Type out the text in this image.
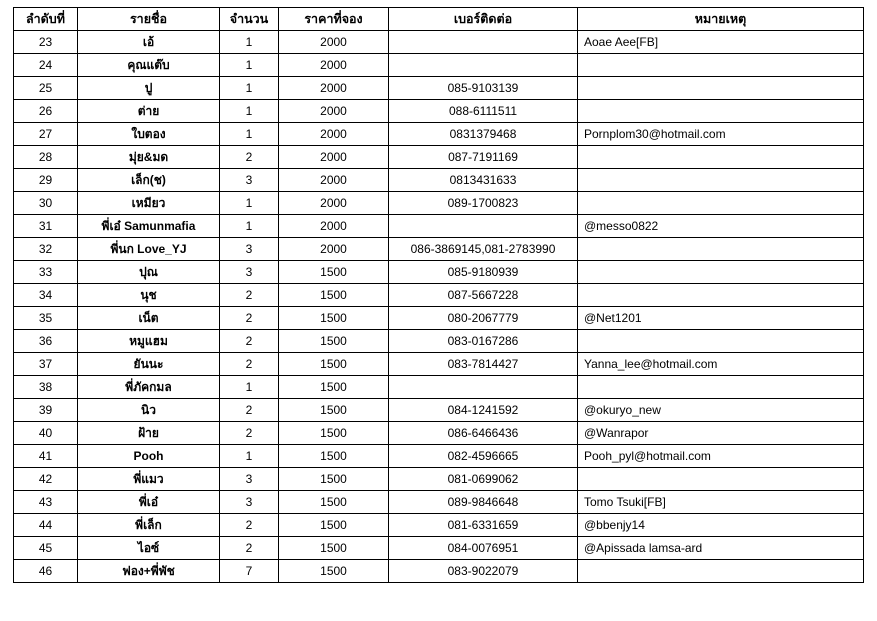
ลำดับที่	รายชื่อ	จำนวน	ราคาที่จอง	เบอร์ติดต่อ	หมายเหตุ
23	เอ้	1	2000		Aoae Aee[FB]
24	คุณแต๊บ	1	2000		
25	ปู	1	2000	085-9103139	
26	ต่าย	1	2000	088-6111511	
27	ใบตอง	1	2000	0831379468	Pornplom30@hotmail.com
28	มุ่ย&มด	2	2000	087-7191169	
29	เล็ก(ช)	3	2000	0813431633	
30	เหมียว	1	2000	089-1700823	
31	พี่เอ๋ Samunmafia	1	2000		@messo0822
32	พี่นก Love_YJ	3	2000	086-3869145,081-2783990	
33	ปุณ	3	1500	085-9180939	
34	นุช	2	1500	087-5667228	
35	เน็ต	2	1500	080-2067779	@Net1201
36	หมูแฮม	2	1500	083-0167286	
37	ยันนะ	2	1500	083-7814427	Yanna_lee@hotmail.com
38	พี่ภัคกมล	1	1500		
39	นิว	2	1500	084-1241592	@okuryo_new
40	ฝ้าย	2	1500	086-6466436	@Wanrapor
41	Pooh	1	1500	082-4596665	Pooh_pyl@hotmail.com
42	พี่แมว	3	1500	081-0699062	
43	พี่เอ๋	3	1500	089-9846648	Tomo Tsuki[FB]
44	พี่เล็ก	2	1500	081-6331659	@bbenjy14
45	ไอซ์	2	1500	084-0076951	@Apissada lamsa-ard
46	ฟอง+พี่พัช	7	1500	083-9022079	
